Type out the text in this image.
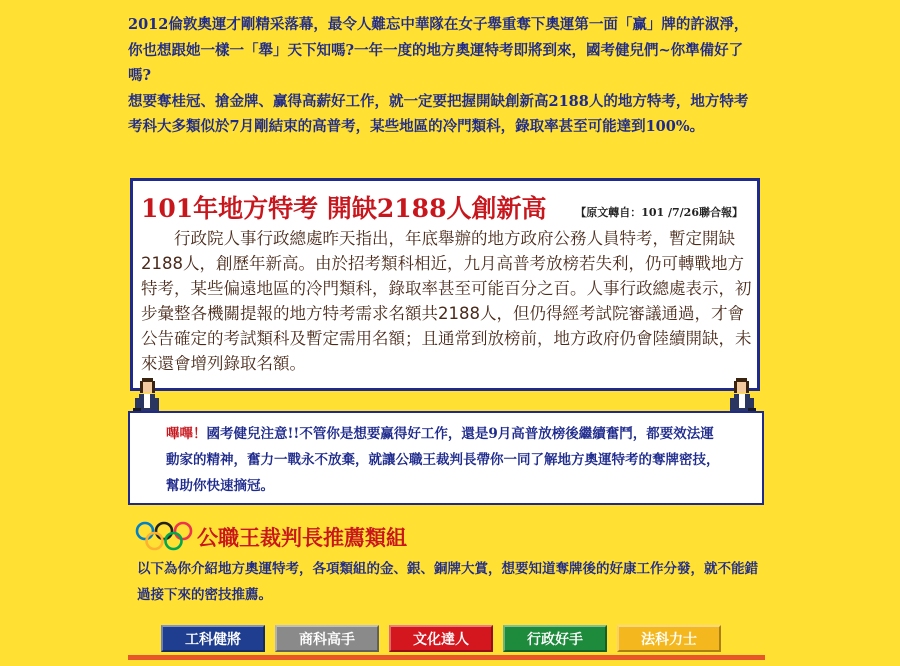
2012倫敦奧運才剛精采落幕，最令人難忘中華隊在女子舉重奪下奧運第一面「赢」牌的許淑淨，你也想跟她一樣一「舉」天下知嗎?一年一度的地方奧運特考即將到來，國考健兒們~你準備好了嗎?

想要奪桂冠、搶金牌、赢得高薪好工作，就一定要把握開缺創新高2188人的地方特考，地方特考考科大多類似於7月剛結束的高普考，某些地區的冷門類科，錄取率甚至可能達到100%。

101年地方特考 開缺2188人創新高	【原文轉自：101 /7/26聯合報】
行政院人事行政總處昨天指出，年底舉辦的地方政府公務人員特考，暫定開缺2188人，創歷年新高。由於招考類科相近，九月高普考放榜若失利，仍可轉戰地方特考，某些偏遠地區的冷門類科，錄取率甚至可能百分之百。人事行政總處表示，初步彙整各機關提報的地方特考需求名額共2188人，但仍得經考試院審議通過，才會公告確定的考試類科及暫定需用名額；且通常到放榜前，地方政府仍會陸續開缺，未來還會增列錄取名額。
嗶嗶！國考健兒注意!!不管你是想要赢得好工作，還是9月高普放榜後繼續奮鬥，都要效法運動家的精神，奮力一戰永不放棄，就讓公職王裁判長帶你一同了解地方奧運特考的奪牌密技，幫助你快速摘冠。
公職王裁判長推薦類組
以下為你介紹地方奧運特考，各項類組的金、銀、銅牌大賞，想要知道奪牌後的好康工作分發，就不能錯過接下來的密技推薦。
工科健將	商科高手	文化達人	行政好手	法科力士
